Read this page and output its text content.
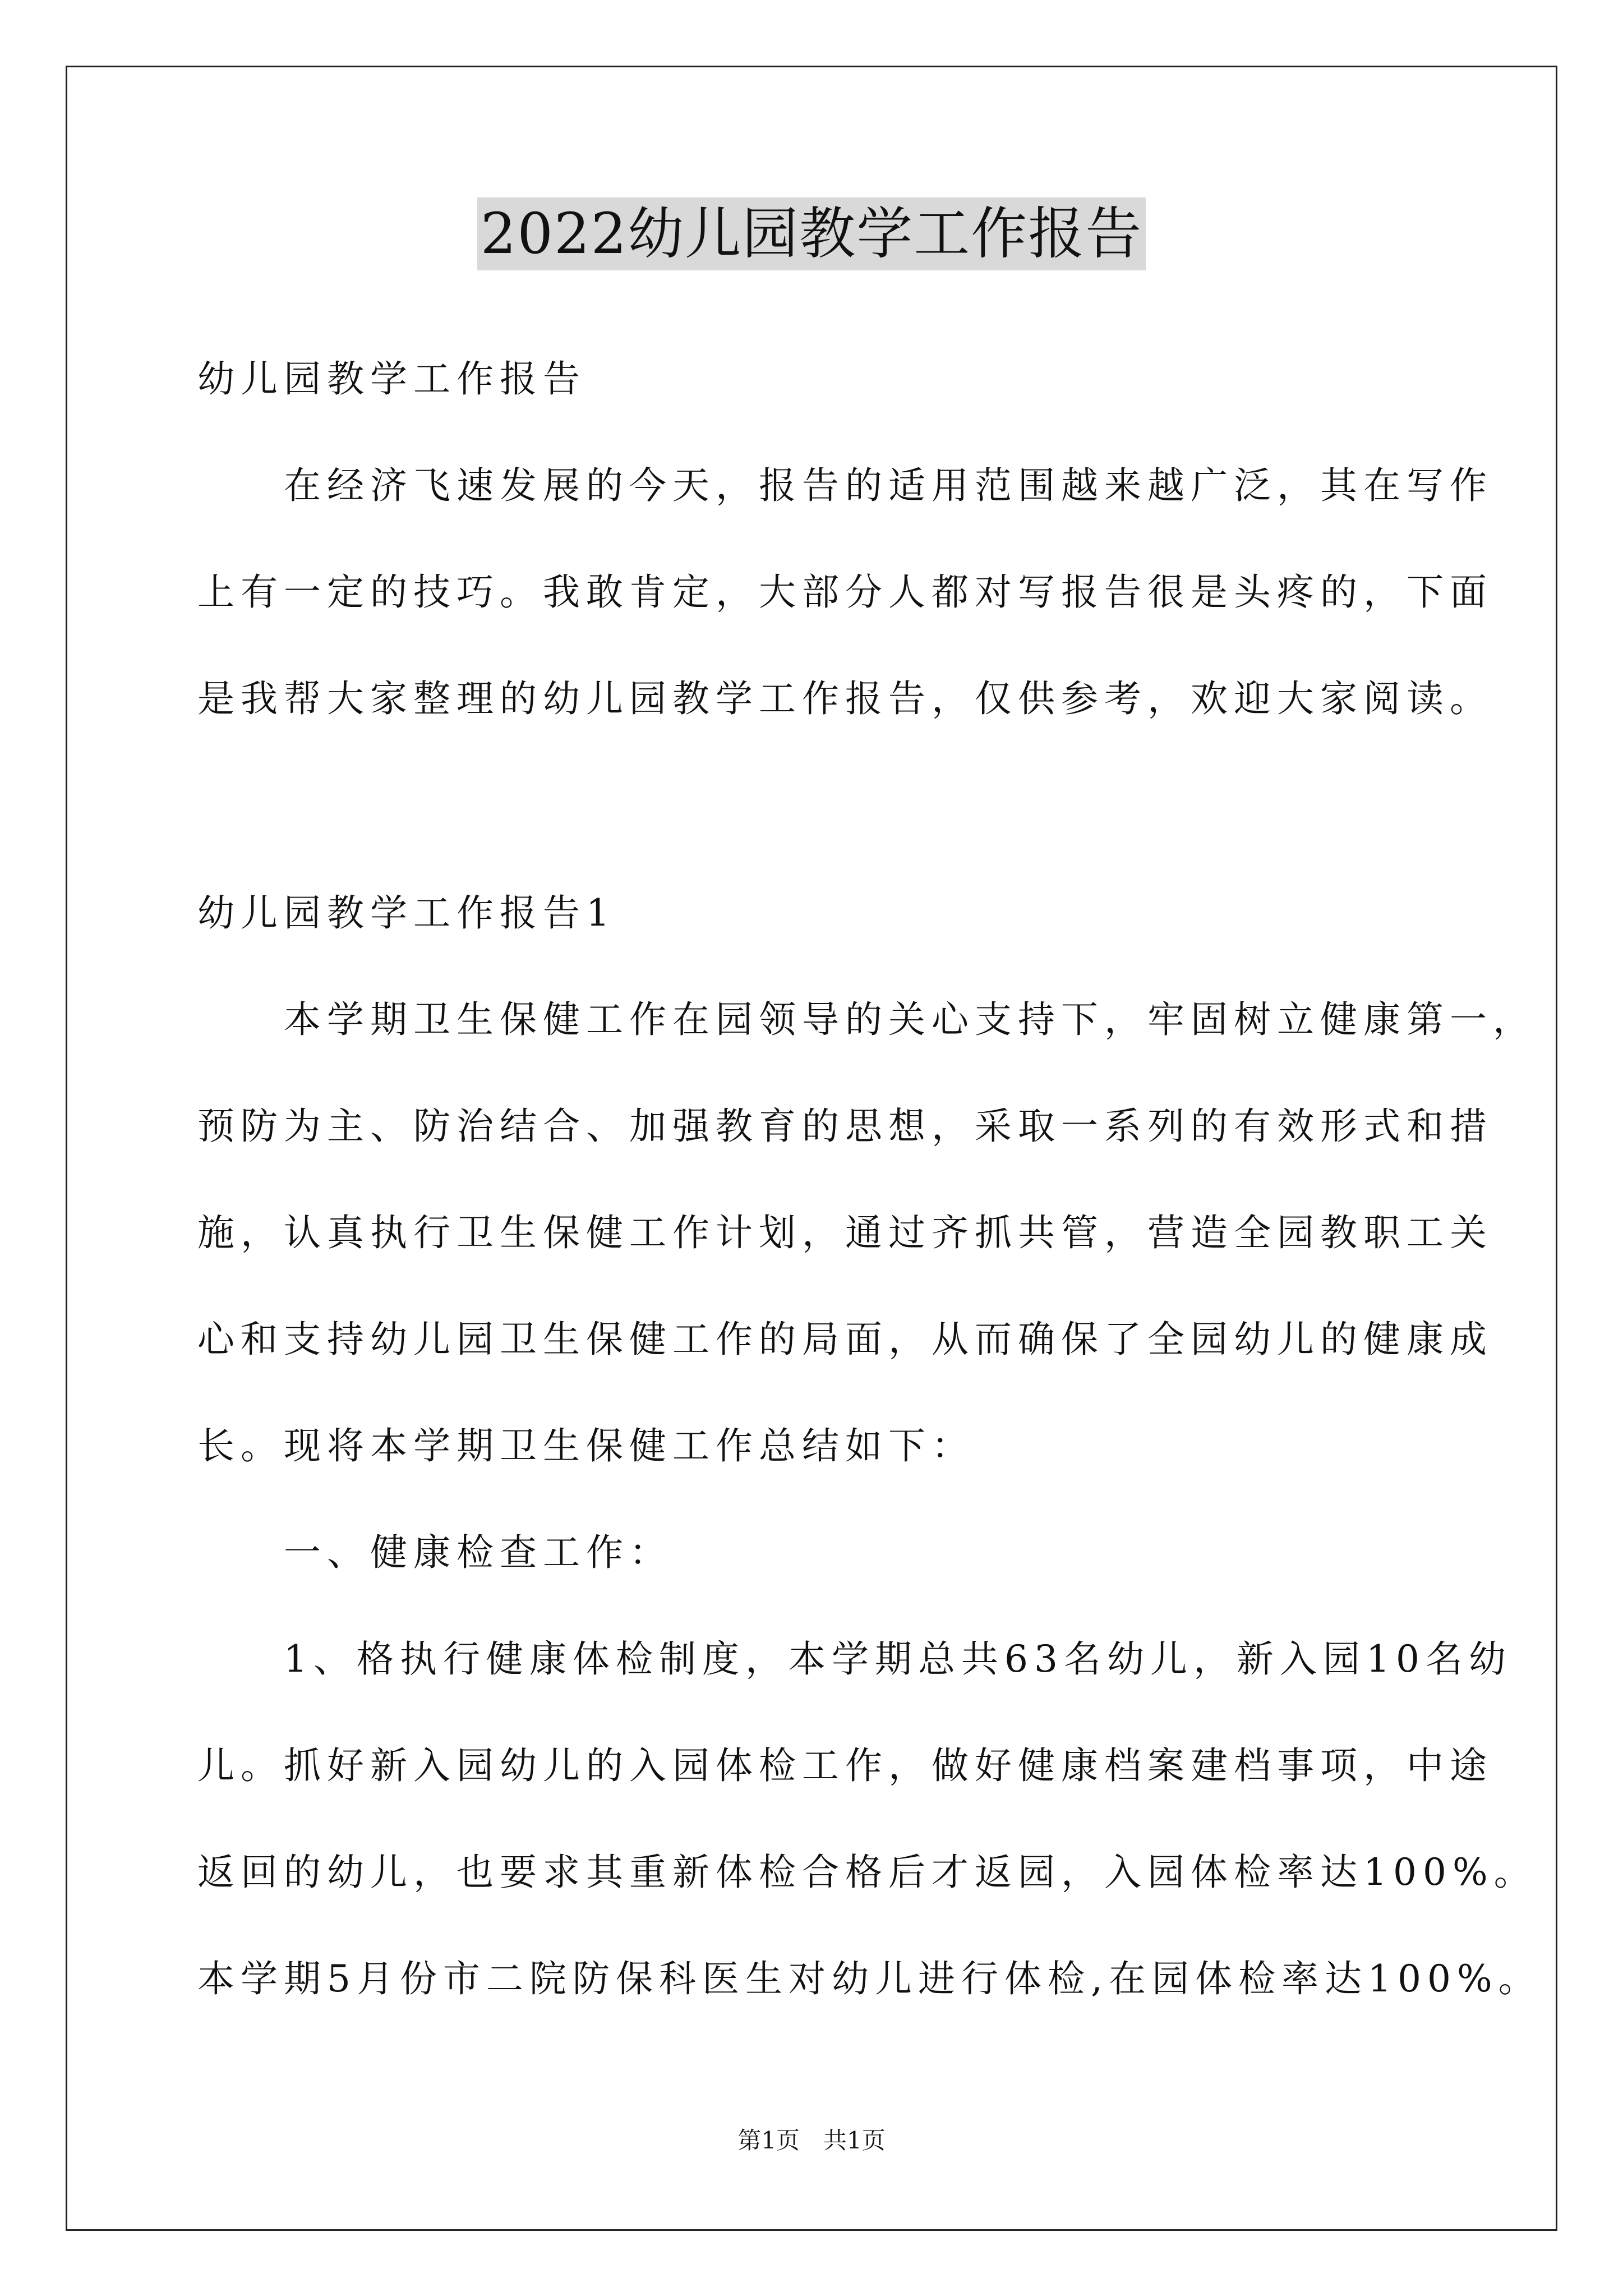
2022幼儿园教学工作报告
幼儿园教学工作报告
　　在经济飞速发展的今天，报告的适用范围越来越广泛，其在写作
上有一定的技巧。我敢肯定，大部分人都对写报告很是头疼的，下面
是我帮大家整理的幼儿园教学工作报告，仅供参考，欢迎大家阅读。
幼儿园教学工作报告1
　　本学期卫生保健工作在园领导的关心支持下，牢固树立健康第一，
预防为主、防治结合、加强教育的思想，采取一系列的有效形式和措
施，认真执行卫生保健工作计划，通过齐抓共管，营造全园教职工关
心和支持幼儿园卫生保健工作的局面，从而确保了全园幼儿的健康成
长。现将本学期卫生保健工作总结如下：
　　一、健康检查工作：
　　1、格执行健康体检制度，本学期总共63名幼儿，新入园10名幼
儿。抓好新入园幼儿的入园体检工作，做好健康档案建档事项，中途
返回的幼儿，也要求其重新体检合格后才返园，入园体检率达100%。
本学期5月份市二院防保科医生对幼儿进行体检,在园体检率达100%。
第1页　共1页
